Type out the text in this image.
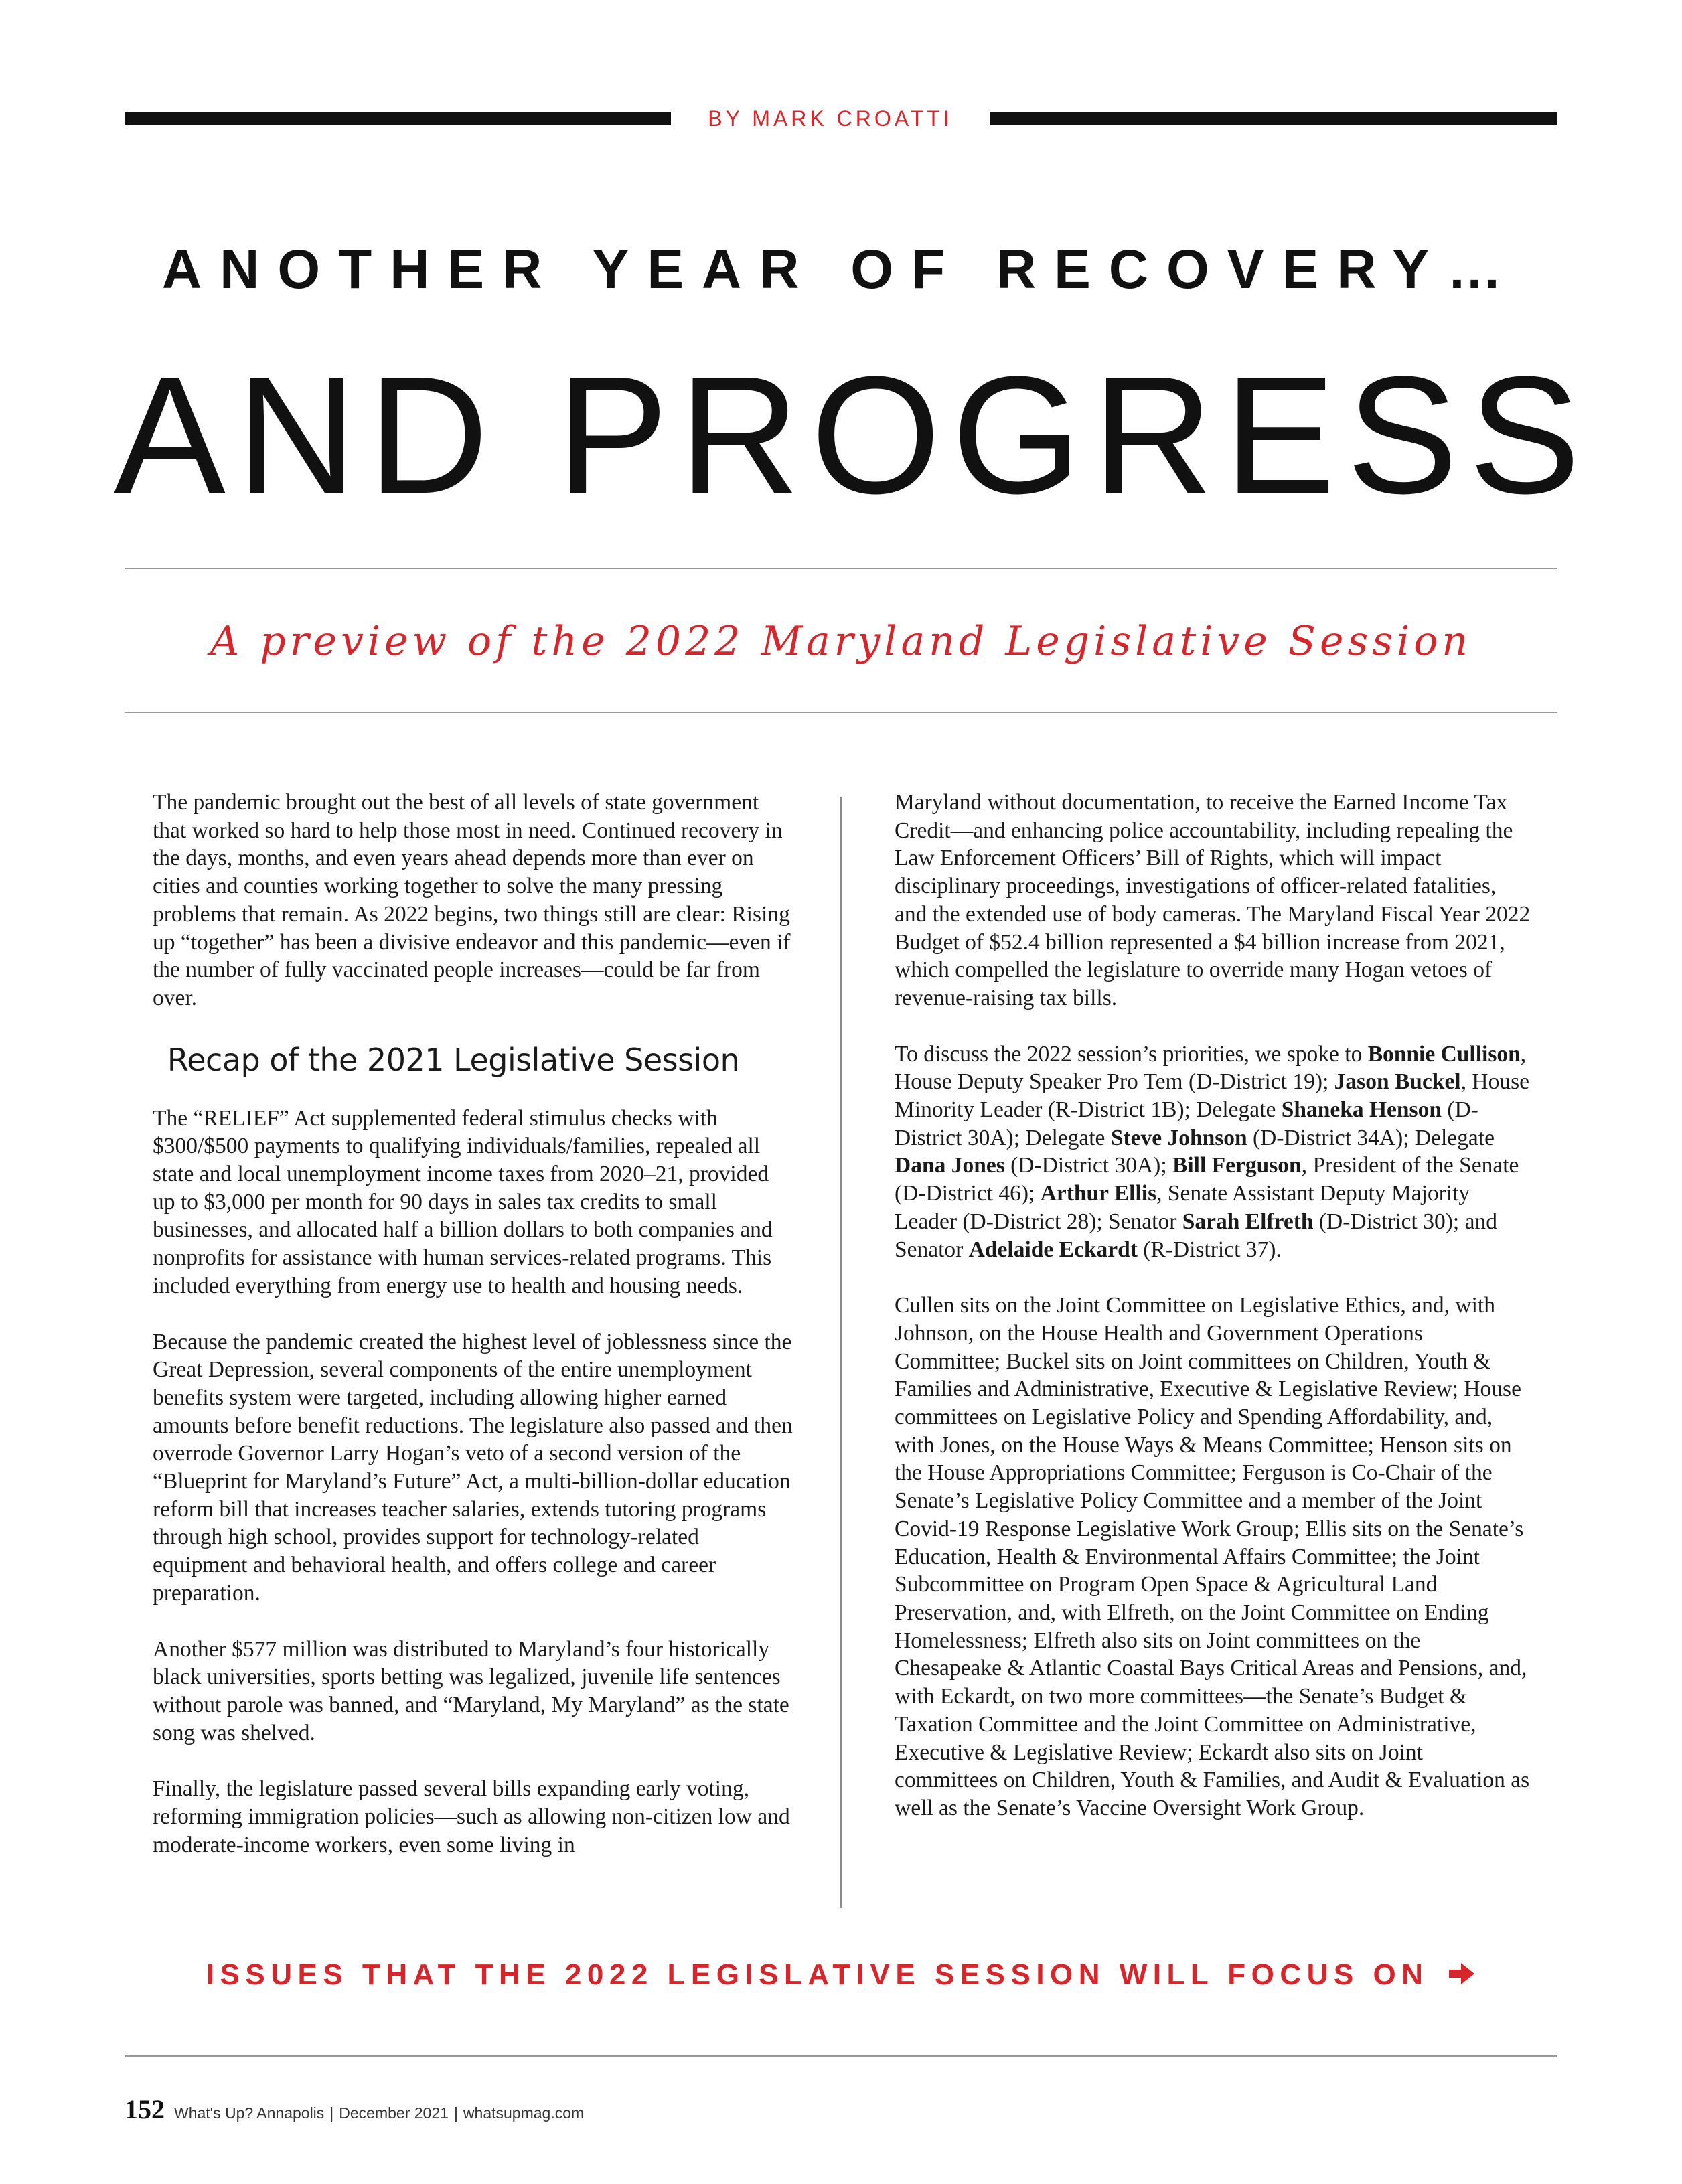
BY MARK CROATTI
ANOTHER YEAR OF RECOVERY…
AND PROGRESS
A preview of the 2022 Maryland Legislative Session

The pandemic brought out the best of all levels of state government that worked so hard to help those most in need. Continued recovery in the days, months, and even years ahead depends more than ever on cities and counties working together to solve the many pressing problems that remain. As 2022 begins, two things still are clear: Rising up “together” has been a divisive endeavor and this pandemic—even if the number of fully vaccinated people increases—could be far from over.

Recap of the 2021 Legislative Session

The “RELIEF” Act supplemented federal stimulus checks with $300/$500 payments to qualifying individuals/families, repealed all state and local unemployment income taxes from 2020–21, provided up to $3,000 per month for 90 days in sales tax credits to small businesses, and allocated half a billion dollars to both companies and nonprofits for assistance with human services-related programs. This included everything from energy use to health and housing needs.

Because the pandemic created the highest level of joblessness since the Great Depression, several components of the entire unemployment benefits system were targeted, including allowing higher earned amounts before benefit reductions. The legislature also passed and then overrode Governor Larry Hogan’s veto of a second version of the “Blueprint for Maryland’s Future” Act, a multi-billion-dollar education reform bill that increases teacher salaries, extends tutoring programs through high school, provides support for technology-related equipment and behavioral health, and offers college and career preparation.

Another $577 million was distributed to Maryland’s four historically black universities, sports betting was legalized, juvenile life sentences without parole was banned, and “Maryland, My Maryland” as the state song was shelved.

Finally, the legislature passed several bills expanding early voting, reforming immigration policies—such as allowing non-citizen low and moderate-income workers, even some living in

Maryland without documentation, to receive the Earned Income Tax Credit—and enhancing police accountability, including repealing the Law Enforcement Officers’ Bill of Rights, which will impact disciplinary proceedings, investigations of officer-related fatalities, and the extended use of body cameras. The Maryland Fiscal Year 2022 Budget of $52.4 billion represented a $4 billion increase from 2021, which compelled the legislature to override many Hogan vetoes of revenue-raising tax bills.

To discuss the 2022 session’s priorities, we spoke to Bonnie Cullison, House Deputy Speaker Pro Tem (D-District 19); Jason Buckel, House Minority Leader (R-District 1B); Delegate Shaneka Henson (D-District 30A); Delegate Steve Johnson (D-District 34A); Delegate Dana Jones (D-District 30A); Bill Ferguson, President of the Senate (D-District 46); Arthur Ellis, Senate Assistant Deputy Majority Leader (D-District 28); Senator Sarah Elfreth (D-District 30); and Senator Adelaide Eckardt (R-District 37).

Cullen sits on the Joint Committee on Legislative Ethics, and, with Johnson, on the House Health and Government Operations Committee; Buckel sits on Joint committees on Children, Youth & Families and Administrative, Executive & Legislative Review; House committees on Legislative Policy and Spending Affordability, and, with Jones, on the House Ways & Means Committee; Henson sits on the House Appropriations Committee; Ferguson is Co-Chair of the Senate’s Legislative Policy Committee and a member of the Joint Covid-19 Response Legislative Work Group; Ellis sits on the Senate’s Education, Health & Environmental Affairs Committee; the Joint Subcommittee on Program Open Space & Agricultural Land Preservation, and, with Elfreth, on the Joint Committee on Ending Homelessness; Elfreth also sits on Joint committees on the Chesapeake & Atlantic Coastal Bays Critical Areas and Pensions, and, with Eckardt, on two more committees—the Senate’s Budget & Taxation Committee and the Joint Committee on Administrative, Executive & Legislative Review; Eckardt also sits on Joint committees on Children, Youth & Families, and Audit & Evaluation as well as the Senate’s Vaccine Oversight Work Group.

ISSUES THAT THE 2022 LEGISLATIVE SESSION WILL FOCUS ON
152 What's Up? Annapolis | December 2021 | whatsupmag.com
